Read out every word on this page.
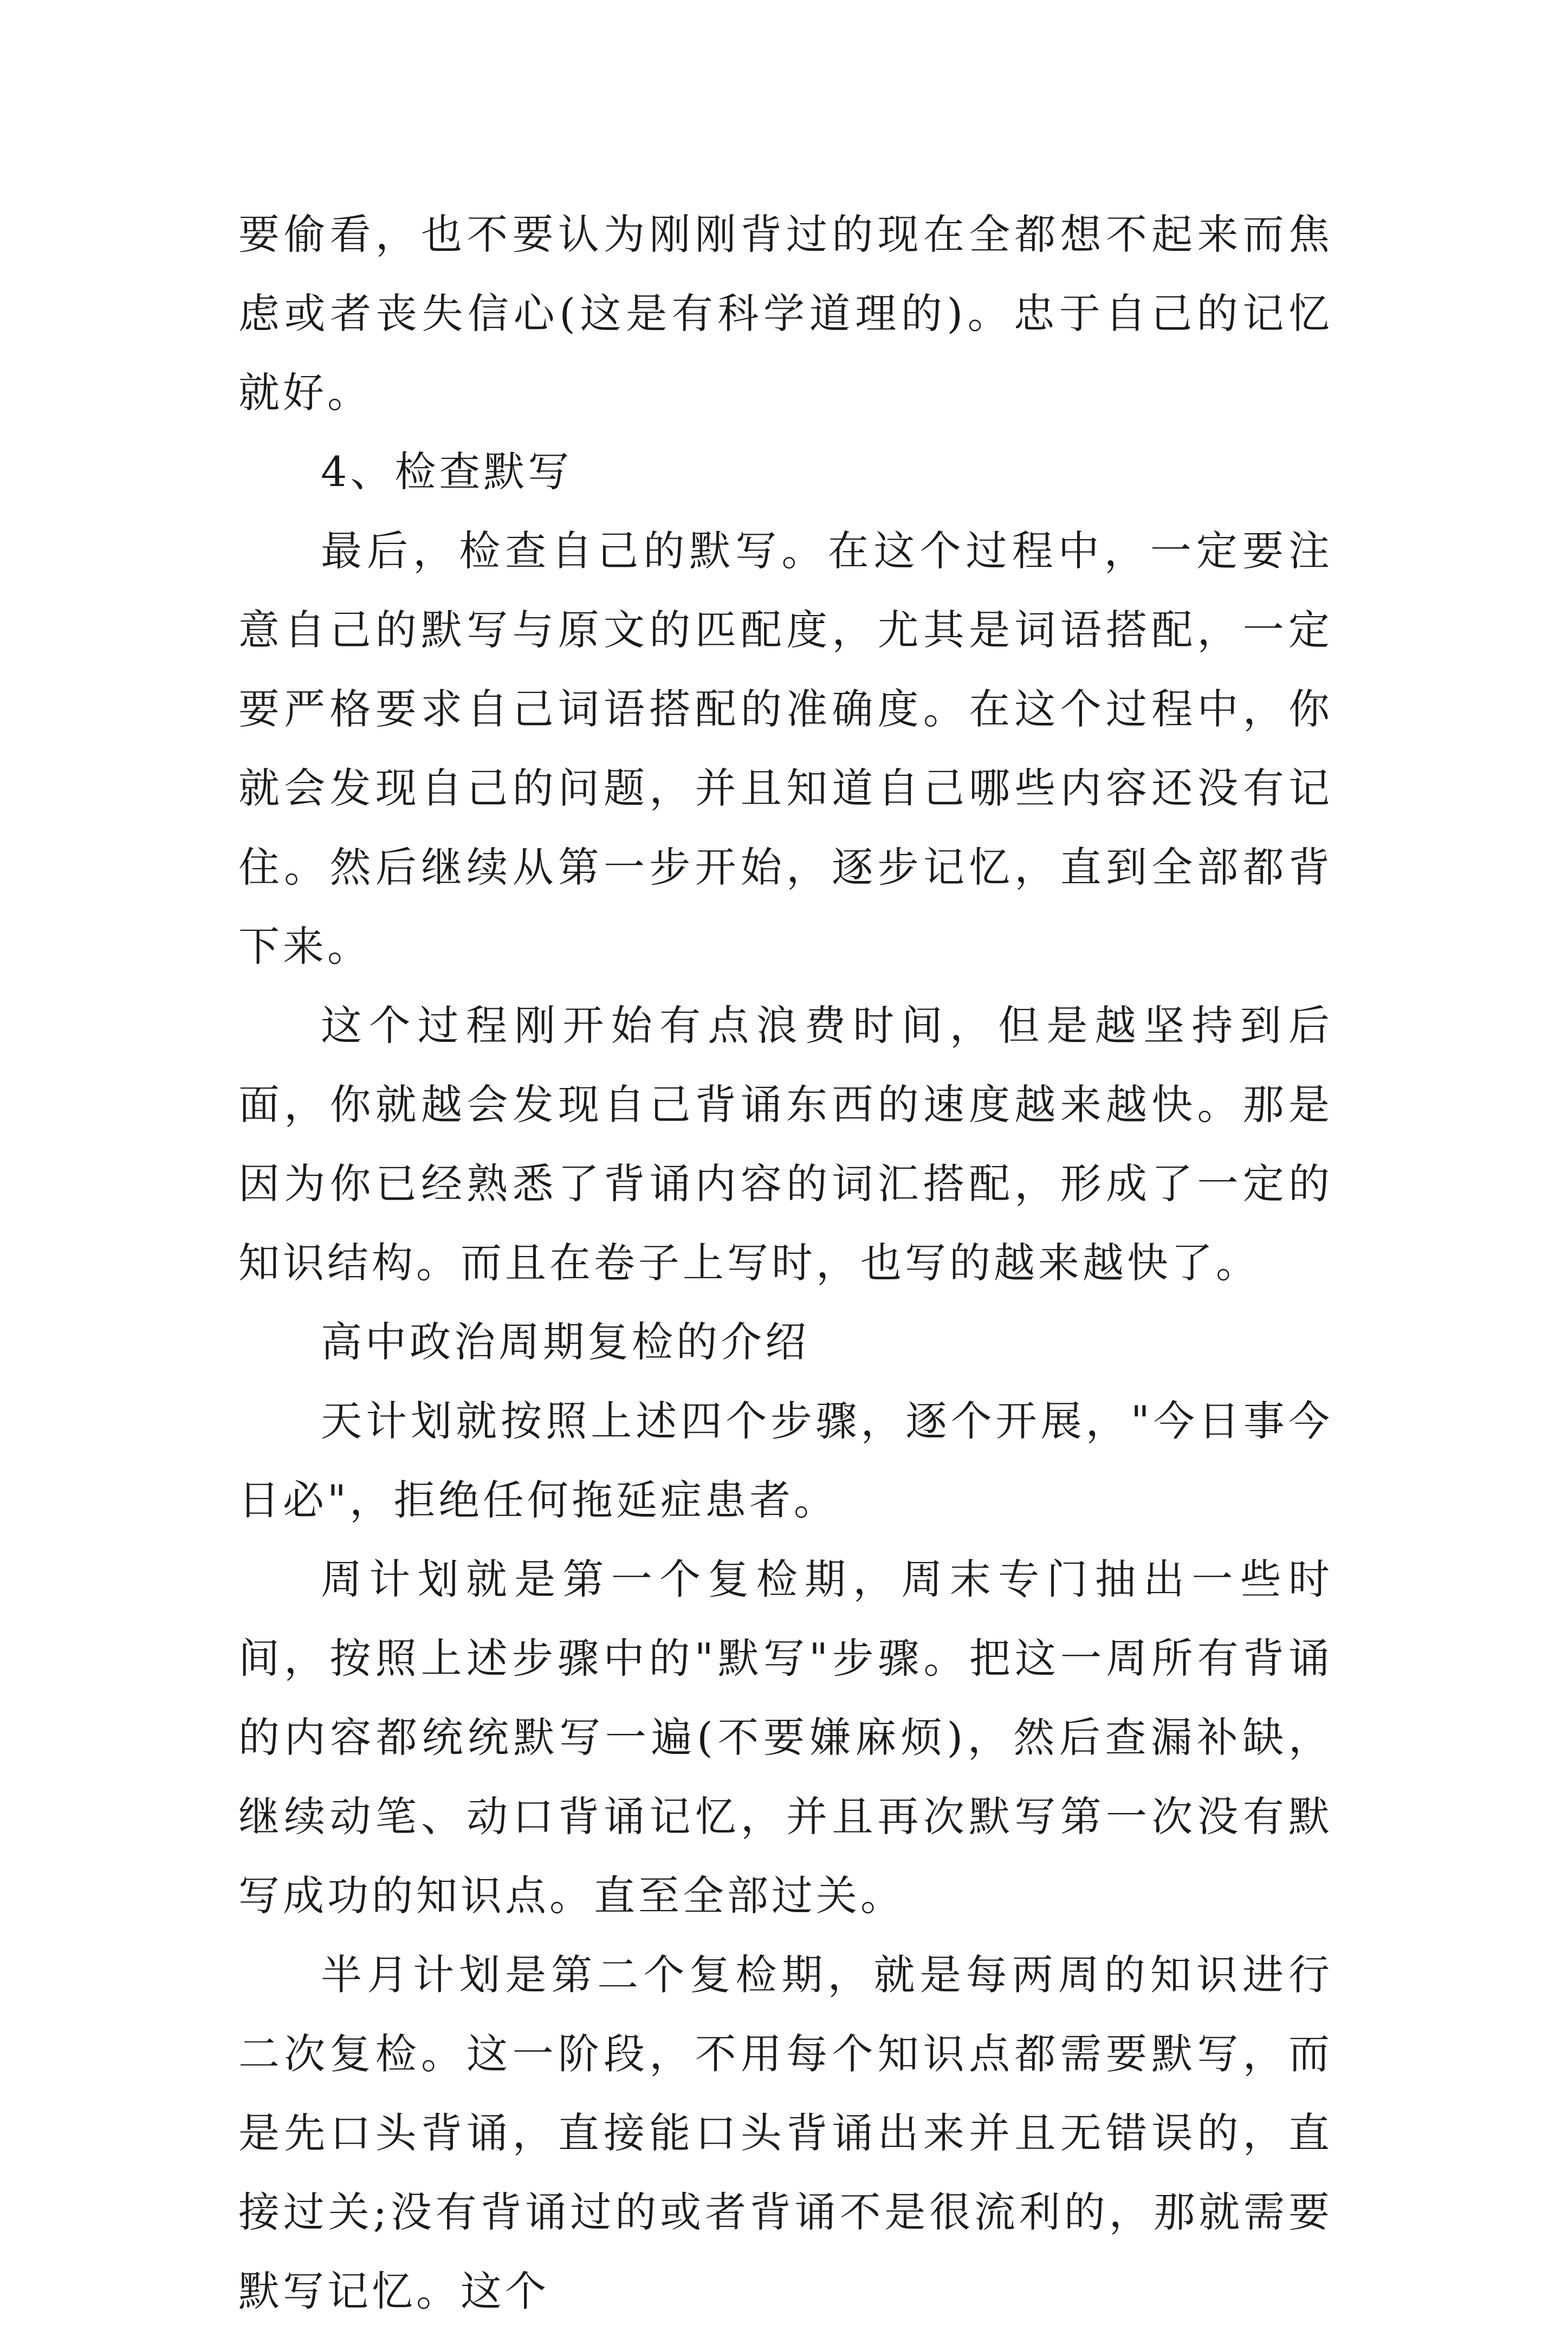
要偷看，也不要认为刚刚背过的现在全都想不起来而焦虑或者丧失信心(这是有科学道理的)。忠于自己的记忆就好。

4、检查默写

最后，检查自己的默写。在这个过程中，一定要注意自己的默写与原文的匹配度，尤其是词语搭配，一定要严格要求自己词语搭配的准确度。在这个过程中，你就会发现自己的问题，并且知道自己哪些内容还没有记住。然后继续从第一步开始，逐步记忆，直到全部都背下来。

这个过程刚开始有点浪费时间，但是越坚持到后面，你就越会发现自己背诵东西的速度越来越快。那是因为你已经熟悉了背诵内容的词汇搭配，形成了一定的知识结构。而且在卷子上写时，也写的越来越快了。

高中政治周期复检的介绍

天计划就按照上述四个步骤，逐个开展，"今日事今日必"，拒绝任何拖延症患者。

周计划就是第一个复检期，周末专门抽出一些时间，按照上述步骤中的"默写"步骤。把这一周所有背诵的内容都统统默写一遍(不要嫌麻烦)，然后查漏补缺，继续动笔、动口背诵记忆，并且再次默写第一次没有默写成功的知识点。直至全部过关。

半月计划是第二个复检期，就是每两周的知识进行二次复检。这一阶段，不用每个知识点都需要默写，而是先口头背诵，直接能口头背诵出来并且无错误的，直接过关;没有背诵过的或者背诵不是很流利的，那就需要默写记忆。这个
